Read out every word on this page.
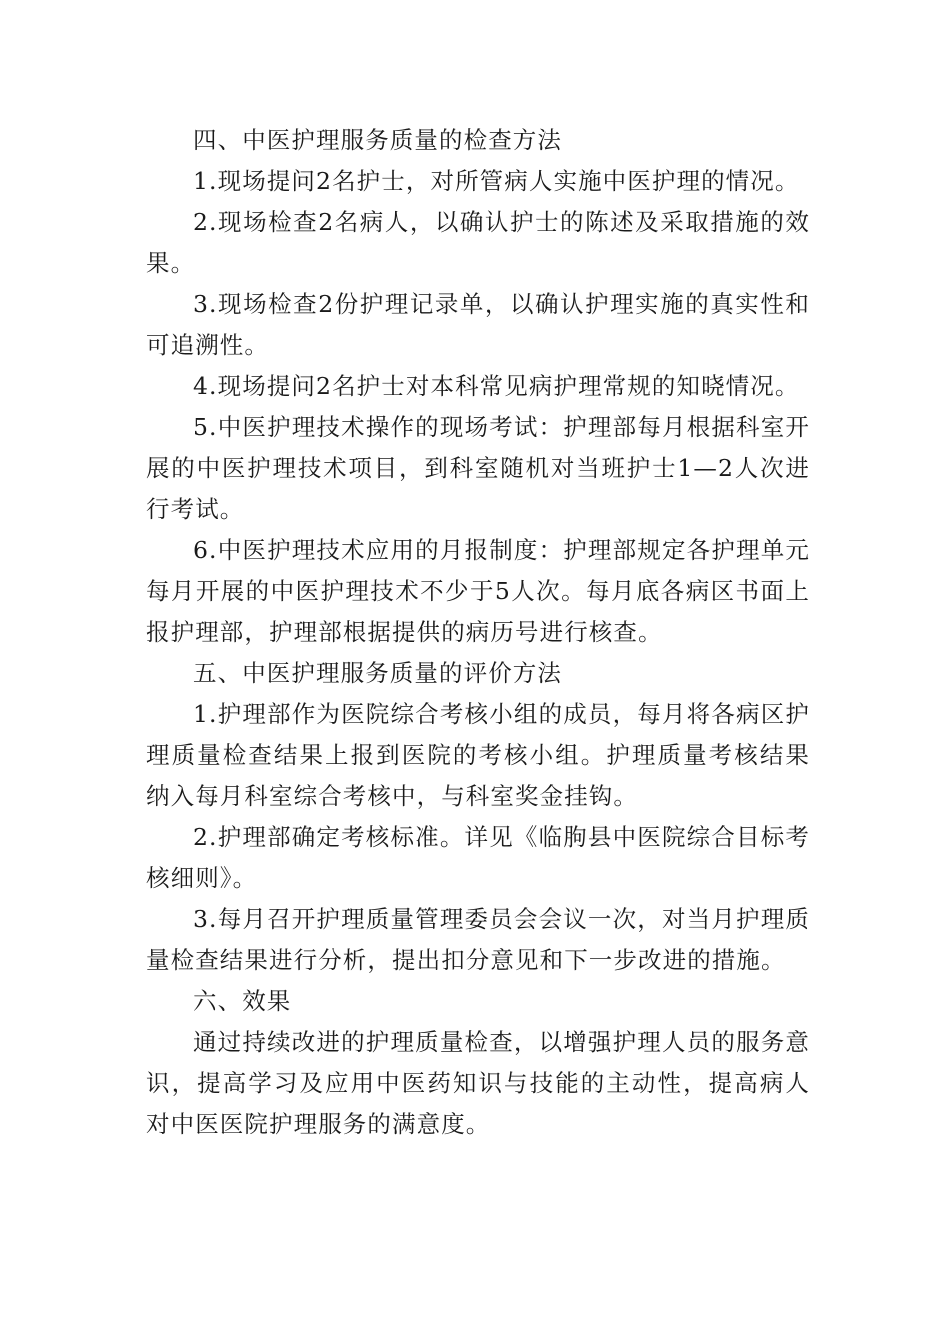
四、中医护理服务质量的检查方法

1.现场提问2名护士，对所管病人实施中医护理的情况。

2.现场检查2名病人，以确认护士的陈述及采取措施的效果。

3.现场检查2份护理记录单，以确认护理实施的真实性和可追溯性。

4.现场提问2名护士对本科常见病护理常规的知晓情况。

5.中医护理技术操作的现场考试：护理部每月根据科室开展的中医护理技术项目，到科室随机对当班护士1—2人次进行考试。

6.中医护理技术应用的月报制度：护理部规定各护理单元每月开展的中医护理技术不少于5人次。每月底各病区书面上报护理部，护理部根据提供的病历号进行核查。

五、中医护理服务质量的评价方法

1.护理部作为医院综合考核小组的成员，每月将各病区护理质量检查结果上报到医院的考核小组。护理质量考核结果纳入每月科室综合考核中，与科室奖金挂钩。

2.护理部确定考核标准。详见《临朐县中医院综合目标考核细则》。

3.每月召开护理质量管理委员会会议一次，对当月护理质量检查结果进行分析，提出扣分意见和下一步改进的措施。

六、效果

通过持续改进的护理质量检查，以增强护理人员的服务意识，提高学习及应用中医药知识与技能的主动性，提高病人对中医医院护理服务的满意度。
